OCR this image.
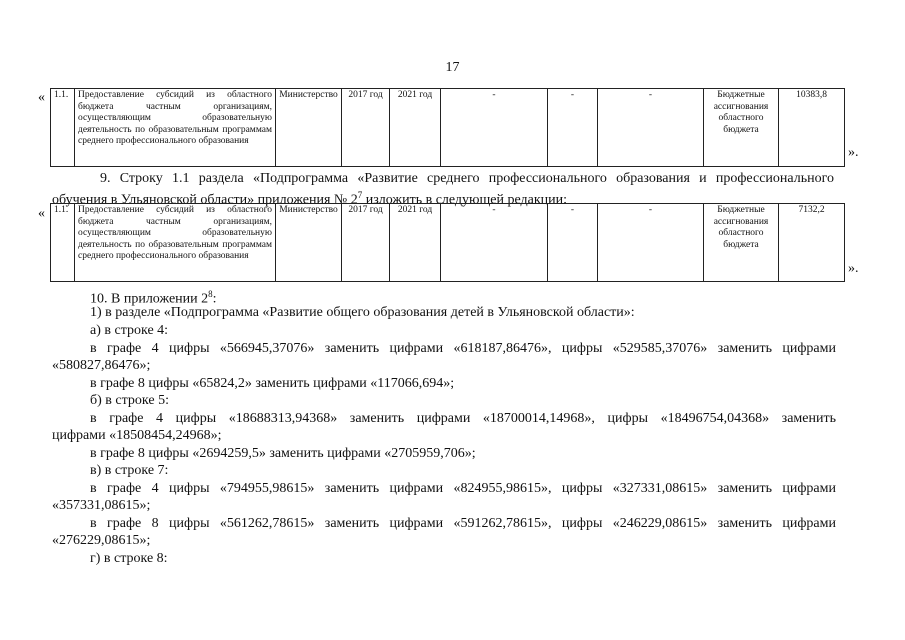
17
« 1.1.	Предоставление субсидий из областного бюджета частным организациям, осуществляющим образовательную деятельность по образовательным программам среднего профессионального образования	Министерство	2017 год	2021 год	-	-	-	Бюджетные ассигнования областного бюджета	10383,8
».
9. Строку 1.1 раздела «Подпрограмма «Развитие среднего профессионального образования и профессионального
обучения в Ульяновской области» приложения № $2^7$ изложить в следующей редакции:
« 1.1.	Предоставление субсидий из областного бюджета частным организациям, осуществляющим образовательную деятельность по образовательным программам среднего профессионального образования	Министерство	2017 год	2021 год	-	-	-	Бюджетные ассигнования областного бюджета	7132,2
».
10. В приложении $2^8$:
1) в разделе «Подпрограмма «Развитие общего образования детей в Ульяновской области»:
а) в строке 4:
в графе 4 цифры «566945,37076» заменить цифрами «618187,86476», цифры «529585,37076» заменить цифрами
«580827,86476»;
в графе 8 цифры «65824,2» заменить цифрами «117066,694»;
б) в строке 5:
в графе 4 цифры «18688313,94368» заменить цифрами «18700014,14968», цифры «18496754,04368» заменить
цифрами «18508454,24968»;
в графе 8 цифры «2694259,5» заменить цифрами «2705959,706»;
в) в строке 7:
в графе 4 цифры «794955,98615» заменить цифрами «824955,98615», цифры «327331,08615» заменить цифрами
«357331,08615»;
в графе 8 цифры «561262,78615» заменить цифрами «591262,78615», цифры «246229,08615» заменить цифрами
«276229,08615»;
г) в строке 8:
